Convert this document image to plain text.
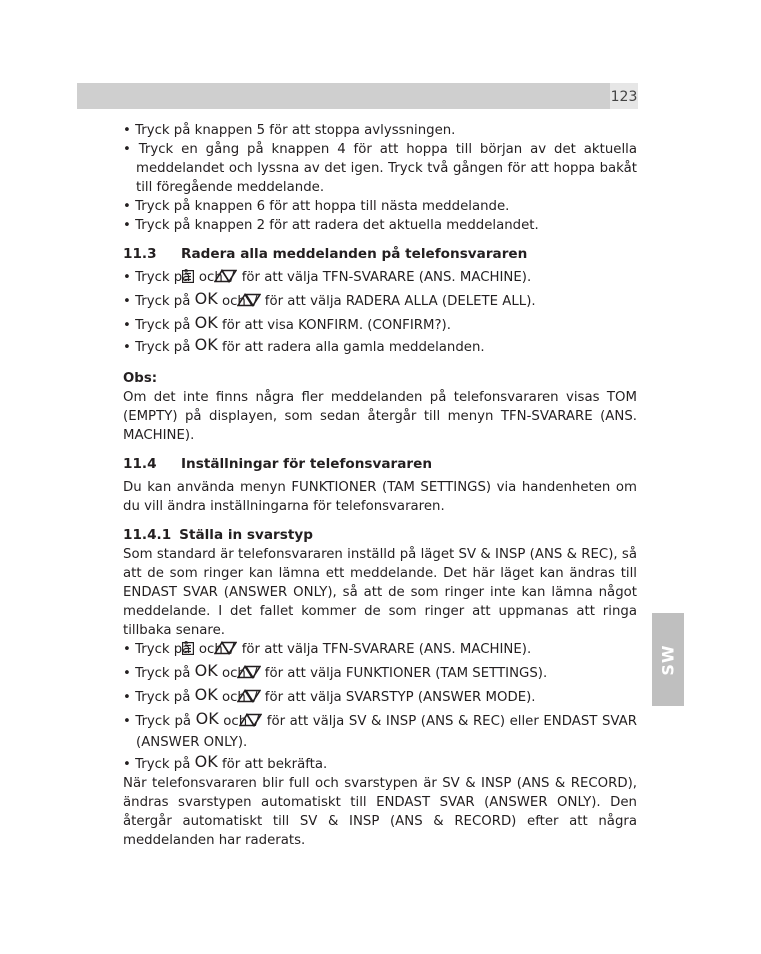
123
SW

• Tryck på knappen 5 för att stoppa avlyssningen.

• Tryck en gång på knappen 4 för att hoppa till början av det aktuella meddelandet och lyssna av det igen. Tryck två gången för att hoppa bakåt till föregående meddelande.

• Tryck på knappen 6 för att hoppa till nästa meddelande.

• Tryck på knappen 2 för att radera det aktuella meddelandet.

11.3 Radera alla meddelanden på telefonsvararen

• Tryck på och / för att välja TFN-SVARARE (ANS. MACHINE).

• Tryck på OK och / för att välja RADERA ALLA (DELETE ALL).

• Tryck på OK för att visa KONFIRM. (CONFIRM?).

• Tryck på OK för att radera alla gamla meddelanden.

Obs:

Om det inte finns några fler meddelanden på telefonsvararen visas TOM (EMPTY) på displayen, som sedan återgår till menyn TFN-SVARARE (ANS. MACHINE).

11.4 Inställningar för telefonsvararen

Du kan använda menyn FUNKTIONER (TAM SETTINGS) via handenheten om du vill ändra inställningarna för telefonsvararen.

11.4.1 Ställa in svarstyp

Som standard är telefonsvararen inställd på läget SV & INSP (ANS & REC), så att de som ringer kan lämna ett meddelande. Det här läget kan ändras till ENDAST SVAR (ANSWER ONLY), så att de som ringer inte kan lämna något meddelande. I det fallet kommer de som ringer att uppmanas att ringa tillbaka senare.

• Tryck på och / för att välja TFN-SVARARE (ANS. MACHINE).

• Tryck på OK och / för att välja FUNKTIONER (TAM SETTINGS).

• Tryck på OK och / för att välja SVARSTYP (ANSWER MODE).

• Tryck på OK och / för att välja SV & INSP (ANS & REC) eller ENDAST SVAR (ANSWER ONLY).

• Tryck på OK för att bekräfta.

När telefonsvararen blir full och svarstypen är SV & INSP (ANS & RECORD), ändras svarstypen automatiskt till ENDAST SVAR (ANSWER ONLY). Den återgår automatiskt till SV & INSP (ANS & RECORD) efter att några meddelanden har raderats.
